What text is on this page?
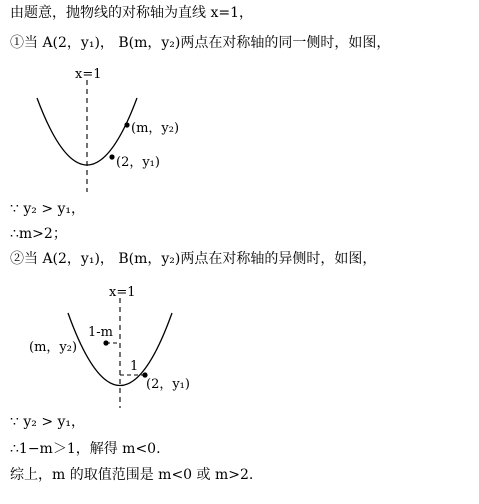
由题意，抛物线的对称轴为直线 x=1，
①当 A(2，y₁)， B(m，y₂)两点在对称轴的同一侧时，如图，
x=1
(m，y₂)
(2，y₁)
x=1
1-m
1
(m，y₂)
(2，y₁)
∵ y₂ > y₁，
∴m>2；
②当 A(2，y₁)， B(m，y₂)两点在对称轴的异侧时，如图，
∵ y₂ > y₁，
∴1−m＞1，解得 m<0.
综上，m 的取值范围是 m<0 或 m>2.
